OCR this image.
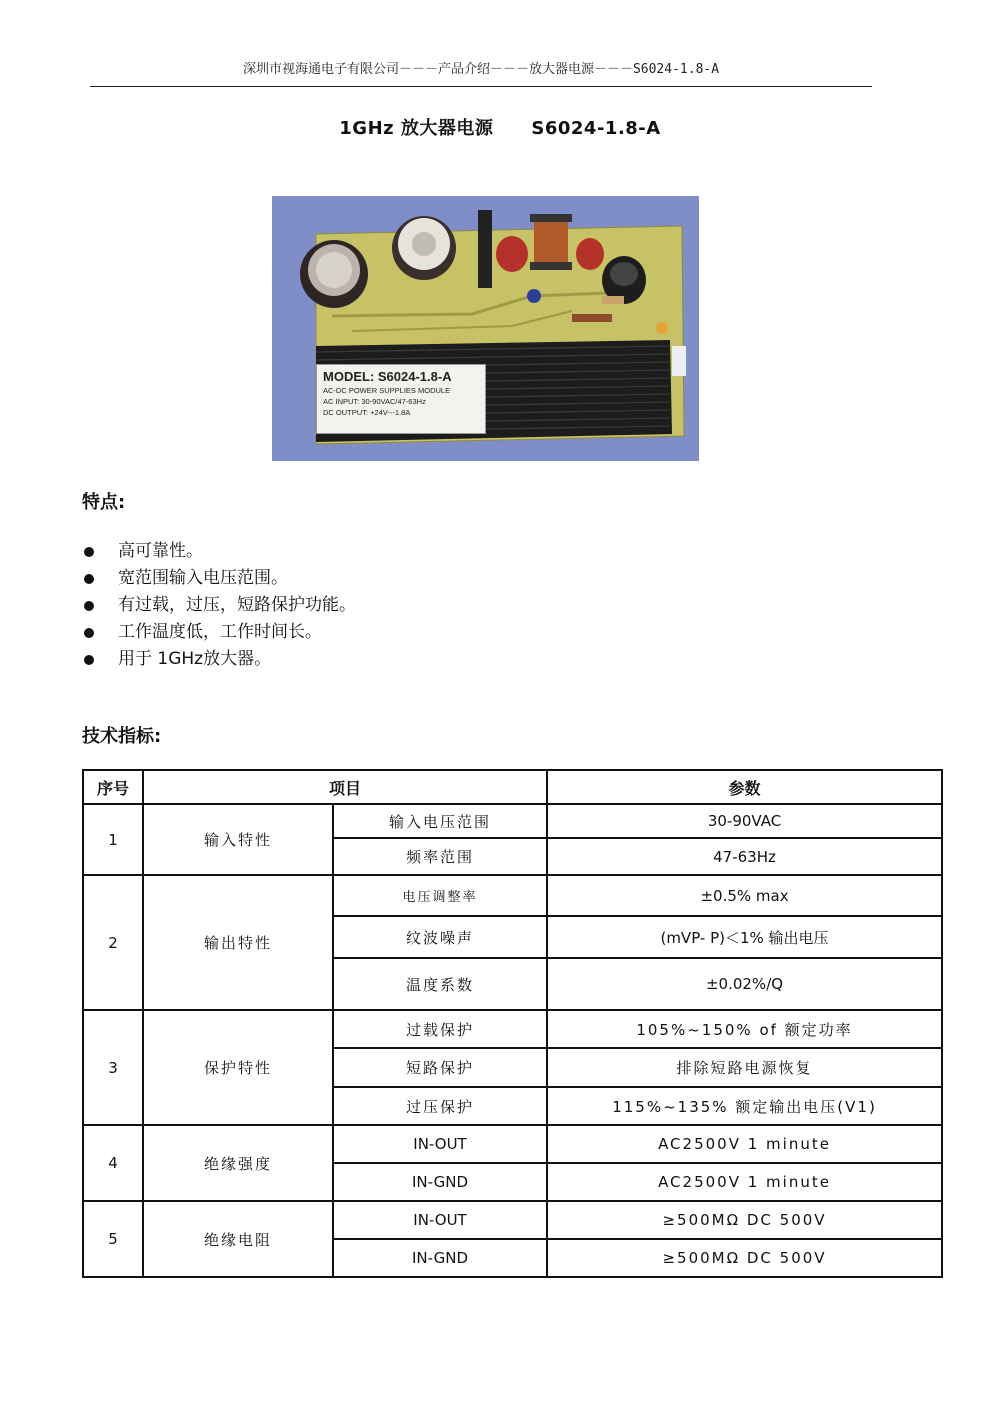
深圳市视海通电子有限公司－－－产品介绍－－－放大器电源－－－S6024-1.8-A
1GHz 放大器电源 S6024-1.8-A
MODEL: S6024-1.8-A
AC-DC POWER SUPPLIES MODULE
AC INPUT: 30-90VAC/47-63Hz
DC OUTPUT: +24V---1.8A
特点:
高可靠性。
宽范围输入电压范围。
有过载，过压，短路保护功能。
工作温度低，工作时间长。
用于 1GHz放大器。
技术指标:
序号	项目		参数
1	输入特性	输入电压范围	30-90VAC
		频率范围	47-63Hz
2	输出特性	电压调整率	±0.5% max
		纹波噪声	(mVP- P)＜1% 输出电压
		温度系数	±0.02%/Q
3	保护特性	过载保护	105%~150% of 额定功率
		短路保护	排除短路电源恢复
		过压保护	115%~135% 额定输出电压(V1)
4	绝缘强度	IN-OUT	AC2500V 1 minute
		IN-GND	AC2500V 1 minute
5	绝缘电阻	IN-OUT	≥500MΩ DC 500V
		IN-GND	≥500MΩ DC 500V
